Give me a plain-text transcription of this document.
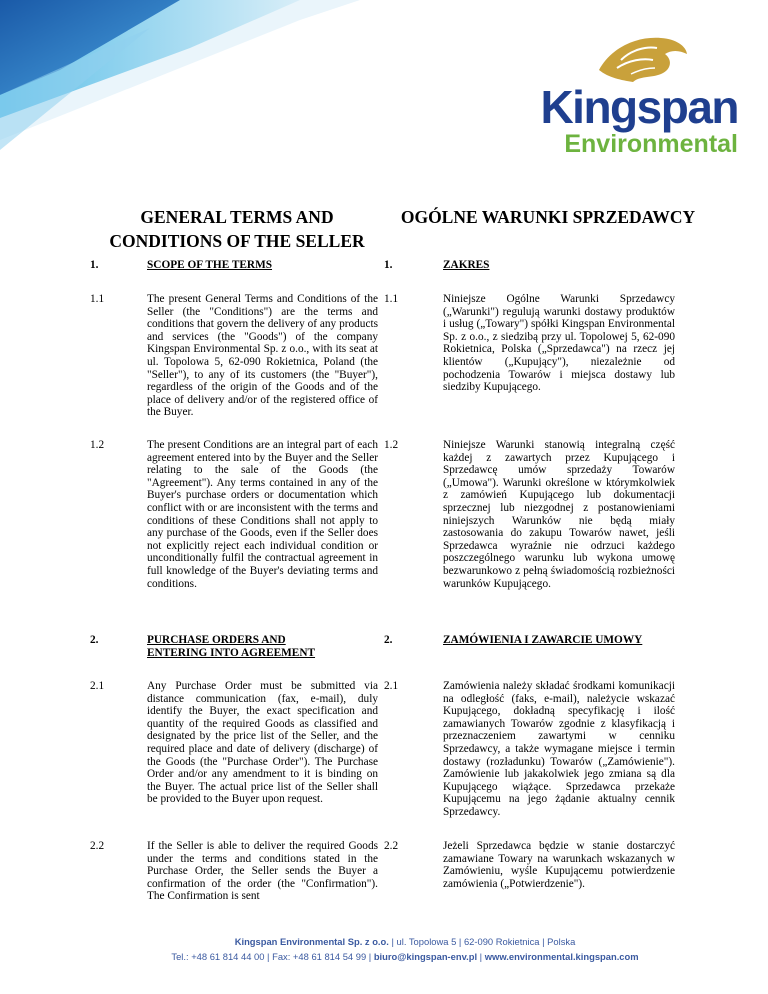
Kingspan
Environmental
GENERAL TERMS AND CONDITIONS OF THE SELLER
OGÓLNE WARUNKI SPRZEDAWCY
1.	SCOPE OF THE TERMS	1.	ZAKRES
1.1	The present General Terms and Conditions of the Seller (the "Conditions") are the terms and conditions that govern the delivery of any products and services (the "Goods") of the company Kingspan Environmental Sp. z o.o., with its seat at ul. Topolowa 5, 62-090 Rokietnica, Poland (the "Seller"), to any of its customers (the "Buyer"), regardless of the origin of the Goods and of the place of delivery and/or of the registered office of the Buyer.
1.1	Niniejsze Ogólne Warunki Sprzedawcy („Warunki") regulują warunki dostawy produktów i usług („Towary") spółki Kingspan Environmental Sp. z o.o., z siedzibą przy ul. Topolowej 5, 62-090 Rokietnica, Polska („Sprzedawca") na rzecz jej klientów („Kupujący"), niezależnie od pochodzenia Towarów i miejsca dostawy lub siedziby Kupującego.
1.2	The present Conditions are an integral part of each agreement entered into by the Buyer and the Seller relating to the sale of the Goods (the "Agreement"). Any terms contained in any of the Buyer's purchase orders or documentation which conflict with or are inconsistent with the terms and conditions of these Conditions shall not apply to any purchase of the Goods, even if the Seller does not explicitly reject each individual condition or unconditionally fulfil the contractual agreement in full knowledge of the Buyer's deviating terms and conditions.
1.2	Niniejsze Warunki stanowią integralną część każdej z zawartych przez Kupującego i Sprzedawcę umów sprzedaży Towarów („Umowa"). Warunki określone w którymkolwiek z zamówień Kupującego lub dokumentacji sprzecznej lub niezgodnej z postanowieniami niniejszych Warunków nie będą miały zastosowania do zakupu Towarów nawet, jeśli Sprzedawca wyraźnie nie odrzuci każdego poszczególnego warunku lub wykona umowę bezwarunkowo z pełną świadomością rozbieżności warunków Kupującego.
2.	PURCHASE ORDERS AND ENTERING INTO AGREEMENT
2.	ZAMÓWIENIA I ZAWARCIE UMOWY
2.1	Any Purchase Order must be submitted via distance communication (fax, e-mail), duly identify the Buyer, the exact specification and quantity of the required Goods as classified and designated by the price list of the Seller, and the required place and date of delivery (discharge) of the Goods (the "Purchase Order"). The Purchase Order and/or any amendment to it is binding on the Buyer. The actual price list of the Seller shall be provided to the Buyer upon request.
2.1	Zamówienia należy składać środkami komunikacji na odległość (faks, e-mail), należycie wskazać Kupującego, dokładną specyfikację i ilość zamawianych Towarów zgodnie z klasyfikacją i przeznaczeniem zawartymi w cenniku Sprzedawcy, a także wymagane miejsce i termin dostawy (rozładunku) Towarów („Zamówienie"). Zamówienie lub jakakolwiek jego zmiana są dla Kupującego wiążące. Sprzedawca przekaże Kupującemu na jego żądanie aktualny cennik Sprzedawcy.
2.2	If the Seller is able to deliver the required Goods under the terms and conditions stated in the Purchase Order, the Seller sends the Buyer a confirmation of the order (the "Confirmation"). The Confirmation is sent
2.2	Jeżeli Sprzedawca będzie w stanie dostarczyć zamawiane Towary na warunkach wskazanych w Zamówieniu, wyśle Kupującemu potwierdzenie zamówienia („Potwierdzenie").
Kingspan Environmental Sp. z o.o. | ul. Topolowa 5 | 62-090 Rokietnica | Polska
Tel.: +48 61 814 44 00 | Fax: +48 61 814 54 99 | biuro@kingspan-env.pl | www.environmental.kingspan.com
